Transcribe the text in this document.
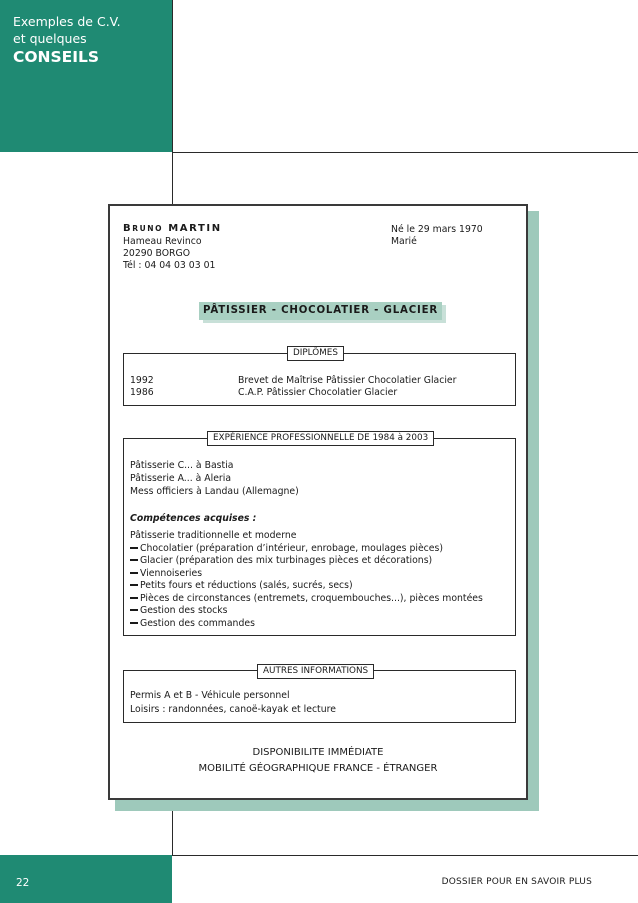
Exemples de C.V.
et quelques
CONSEILS
BRUNO MARTIN
Hameau Revinco
20290 BORGO
Tél : 04 04 03 03 01
Né le 29 mars 1970
Marié
PÂTISSIER - CHOCOLATIER - GLACIER
DIPLÔMES
1992	Brevet de Maîtrise Pâtissier Chocolatier Glacier
1986	C.A.P. Pâtissier Chocolatier Glacier
EXPÉRIENCE PROFESSIONNELLE DE 1984 à 2003
Pâtisserie C... à Bastia
Pâtisserie A... à Aleria
Mess officiers à Landau (Allemagne)
Compétences acquises :
Pâtisserie traditionnelle et moderne
Chocolatier (préparation d’intérieur, enrobage, moulages pièces)
Glacier (préparation des mix turbinages pièces et décorations)
Viennoiseries
Petits fours et réductions (salés, sucrés, secs)
Pièces de circonstances (entremets, croquembouches...), pièces montées
Gestion des stocks
Gestion des commandes
AUTRES INFORMATIONS
Permis A et B - Véhicule personnel
Loisirs : randonnées, canoë-kayak et lecture
DISPONIBILITE IMMÉDIATE
MOBILITÉ GÉOGRAPHIQUE FRANCE - ÉTRANGER
22	DOSSIER POUR EN SAVOIR PLUS
